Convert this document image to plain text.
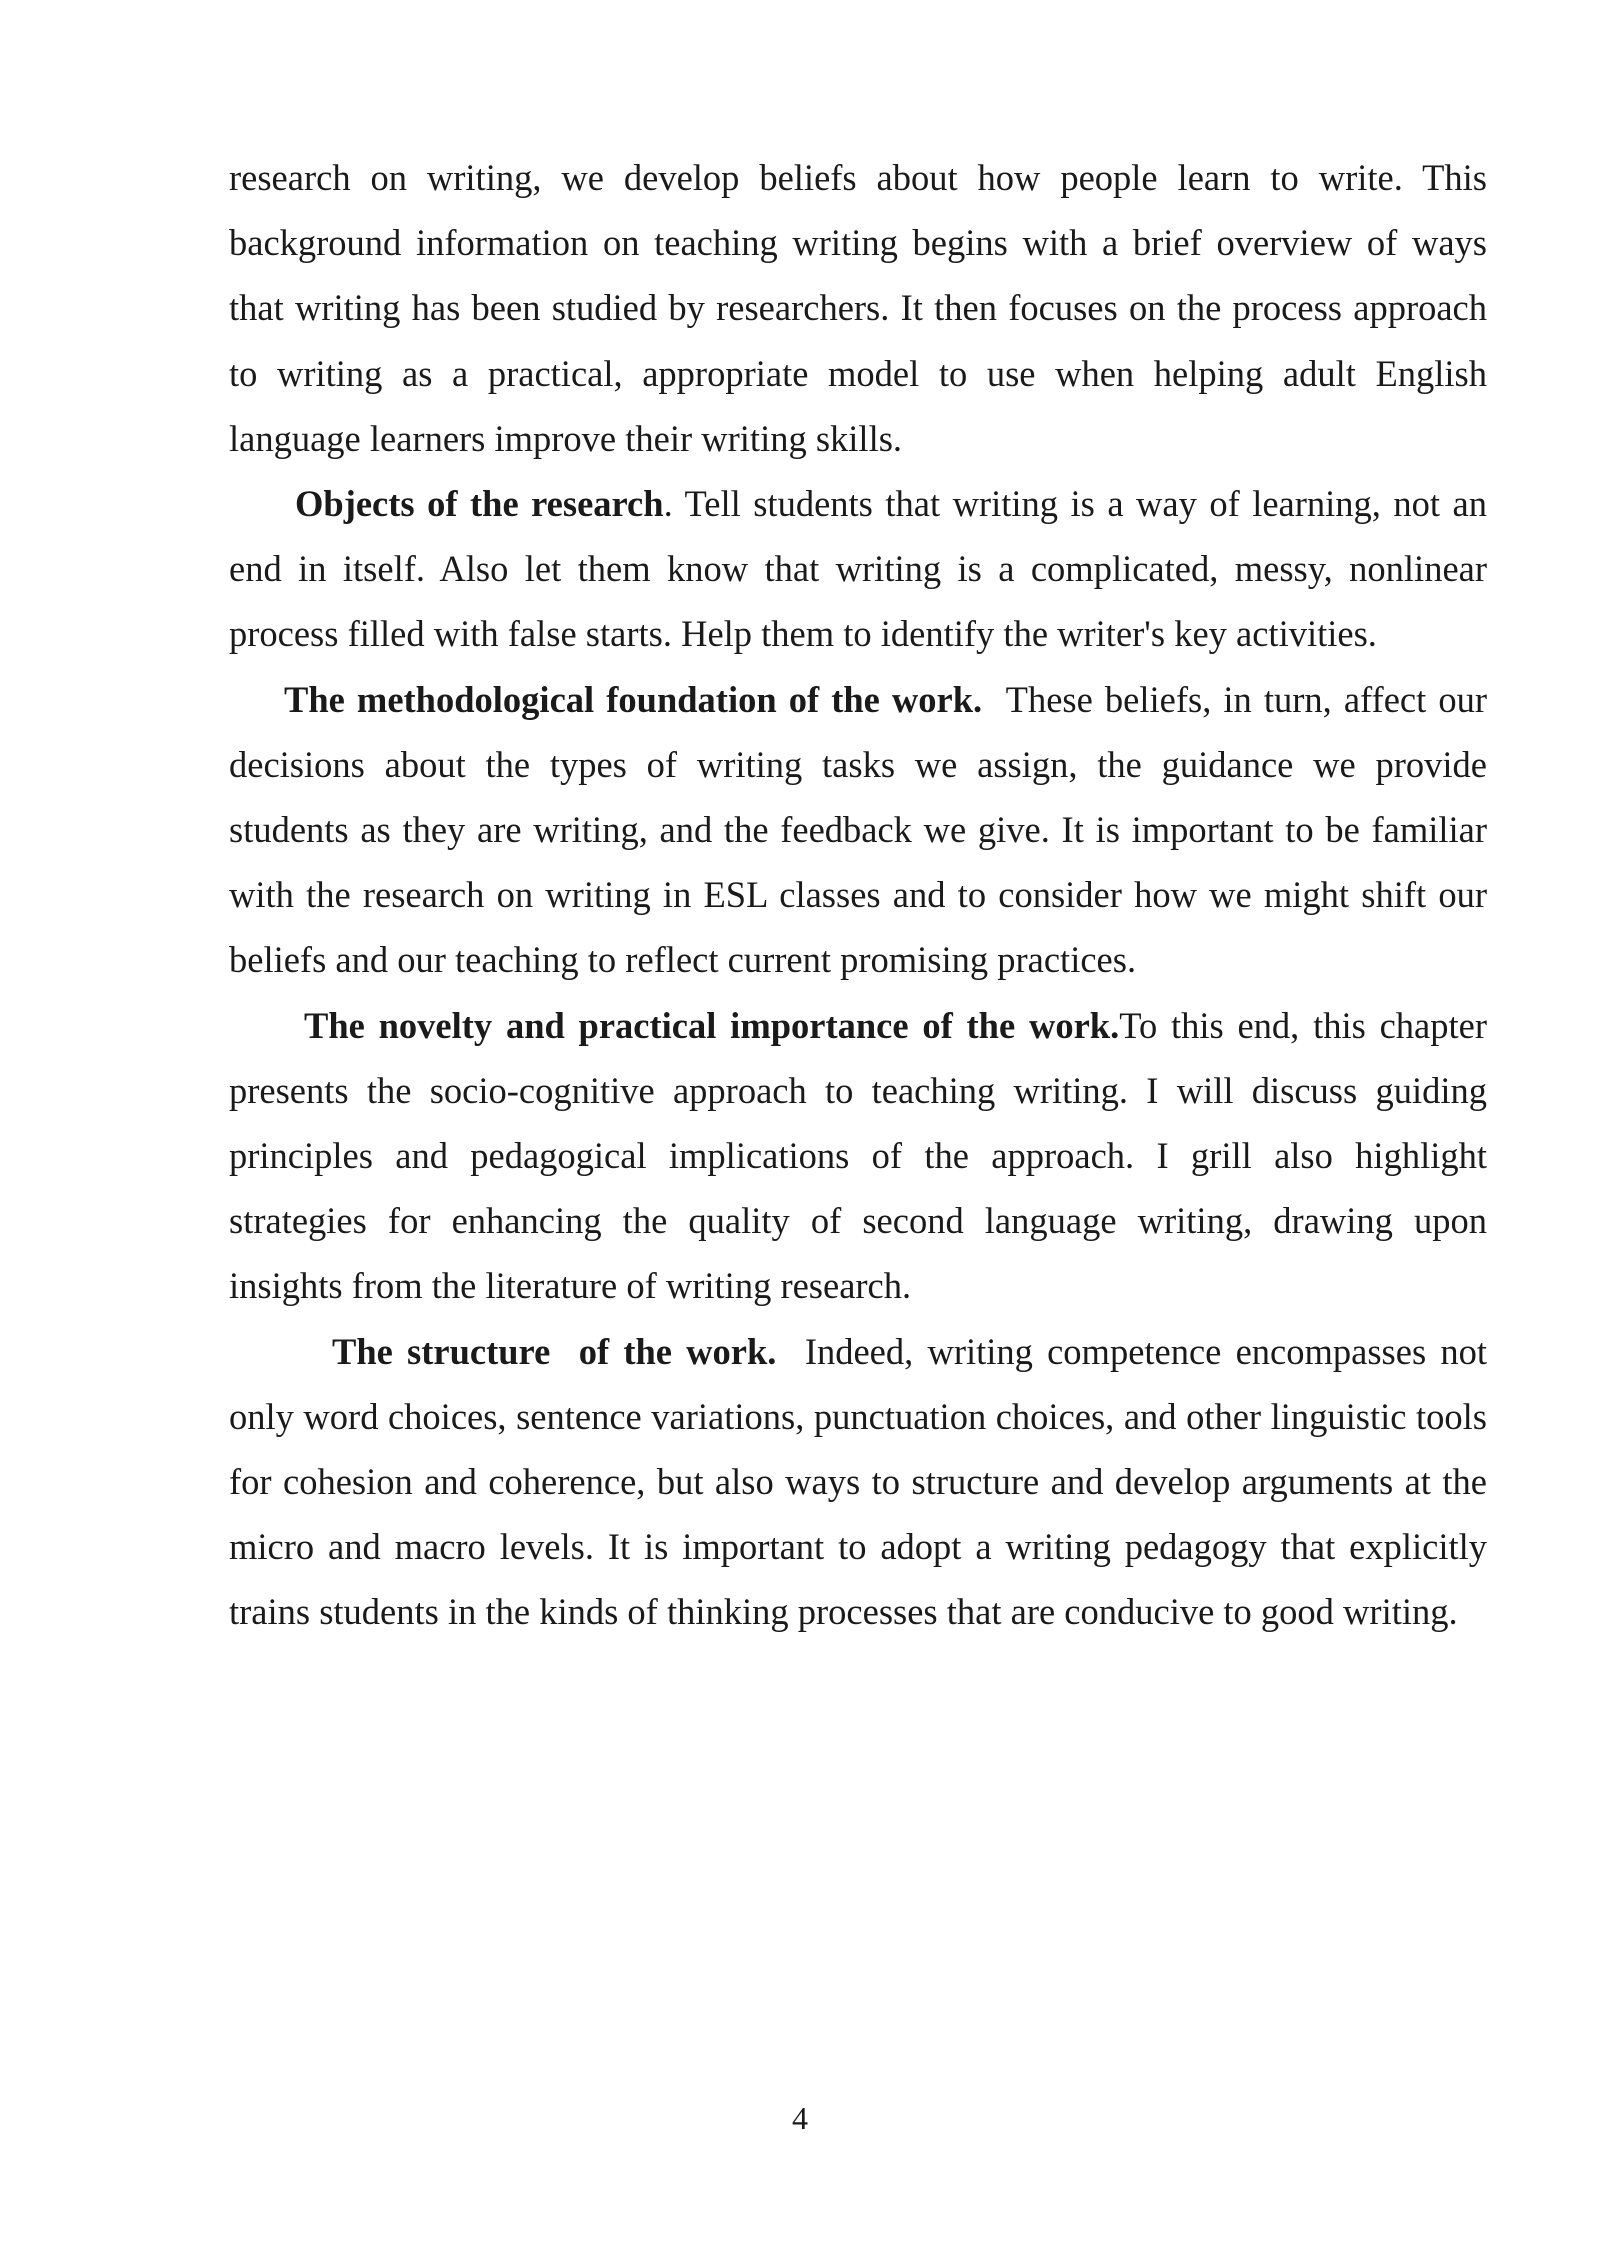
research on writing, we develop beliefs about how people learn to write. This background information on teaching writing begins with a brief overview of ways that writing has been studied by researchers. It then focuses on the process approach to writing as a practical, appropriate model to use when helping adult English language learners improve their writing skills.

Objects of the research. Tell students that writing is a way of learning, not an end in itself. Also let them know that writing is a complicated, messy, nonlinear process filled with false starts. Help them to identify the writer's key activities.

The methodological foundation of the work.  These beliefs, in turn, affect our decisions about the types of writing tasks we assign, the guidance we provide students as they are writing, and the feedback we give. It is important to be familiar with the research on writing in ESL classes and to consider how we might shift our beliefs and our teaching to reflect current promising practices.

The novelty and practical importance of the work.To this end, this chapter presents the socio-cognitive approach to teaching writing. I will discuss guiding principles and pedagogical implications of the approach. I grill also highlight strategies for enhancing the quality of second language writing, drawing upon insights from the literature of writing research.

The structure  of the work.  Indeed, writing competence encompasses not only word choices, sentence variations, punctuation choices, and other linguistic tools for cohesion and coherence, but also ways to structure and develop arguments at the micro and macro levels. It is important to adopt a writing pedagogy that explicitly trains students in the kinds of thinking processes that are conducive to good writing.

4
